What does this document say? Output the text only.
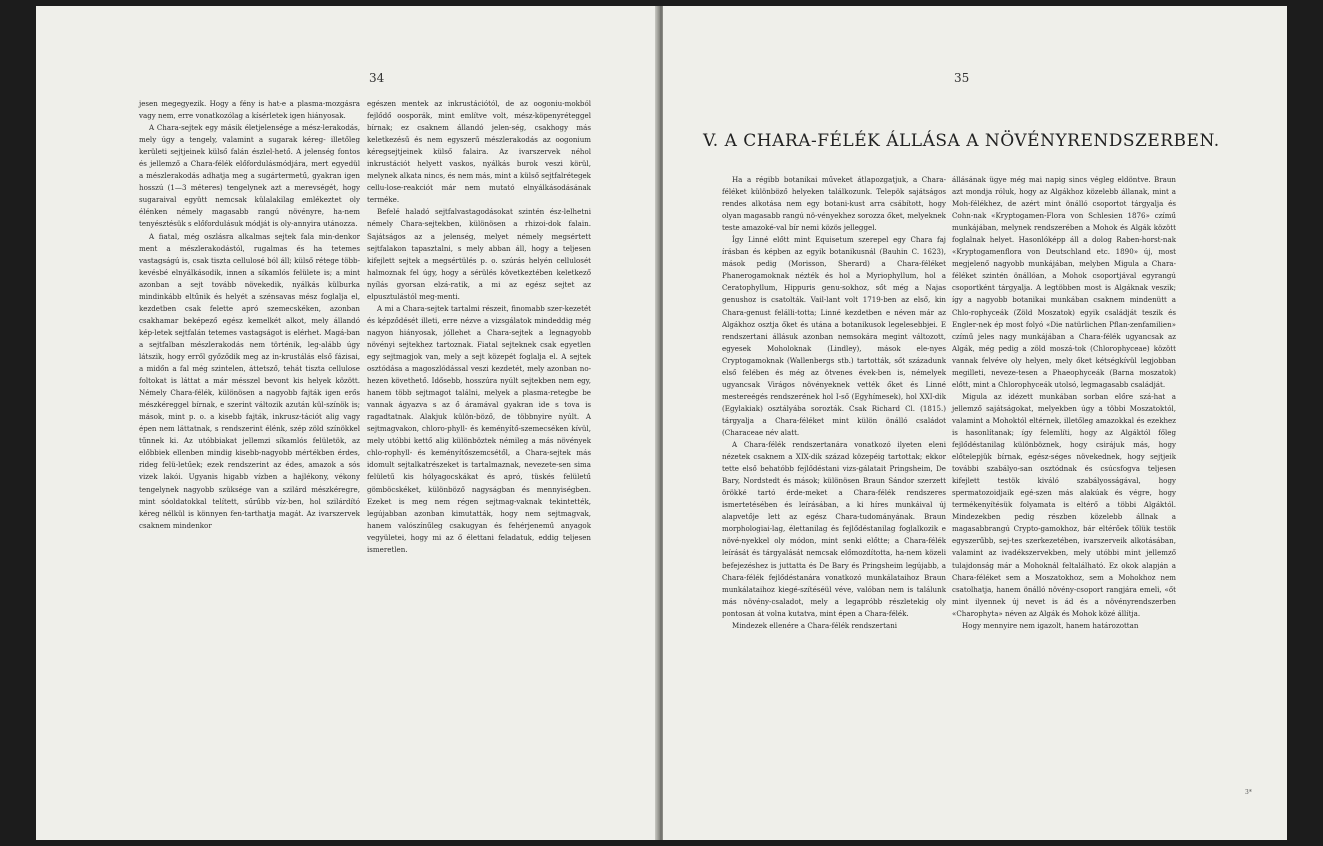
34

jesen megegyezik. Hogy a fény is hat-e a plasma-mozgásra vagy nem, erre vonatkozólag a kísérletek igen hiányosak.

A Chara-sejtek egy másik életjelensége a mész-lerakodás, mely úgy a tengely, valamint a sugarak kéreg- illetőleg kerületi sejtjeinek külső falán észlel-hető. A jelenség fontos és jellemző a Chara-félék előfordulásmódjára, mert egyedül a mészlerakodás adhatja meg a sugártermetű, gyakran igen hosszú (1—3 méteres) tengelynek azt a merevségét, hogy sugaraival együtt nemcsak külalakilag emlékeztet oly élénken némely magasabb rangú növényre, ha-nem tenyésztésük s előfordulásuk módját is oly-annyira utánozza.

A fiatal, még oszlásra alkalmas sejtek fala min-denkor ment a mészlerakodástól, rugalmas és ha tetemes vastagságú is, csak tiszta cellulosé ból áll; külső rétege több-kevésbé elnyálkásodik, innen a síkamlós felülete is; a mint azonban a sejt tovább növekedik, nyálkás külburka mindinkább eltűnik és helyét a szénsavas mész foglalja el, kezdetben csak felette apró szemecskéken, azonban csakhamar beképező egész kemelkét alkot, mely állandó kép-letek sejtfalán tetemes vastagságot is elérhet. Magá-ban a sejtfalban mészlerakodás nem történik, leg-alább úgy látszik, hogy erről győződik meg az in-krustálás első fázisai, a midőn a fal még szintelen, áttetsző, tehát tiszta cellulose foltokat is láttat a már mésszel bevont kis helyek között. Némely Chara-félék, különösen a nagyobb fajták igen erős mészkéreggel bírnak, e szerint változik azután kül-színök is; mások, mint p. o. a kisebb fajták, inkrusz-tációt alig vagy épen nem láttatnak, s rendszerint élénk, szép zöld színökkel tűnnek ki. Az utóbbiakat jellemzi síkamlós felületök, az előbbiek ellenben mindig kisebb-nagyobb mértékben érdes, rideg felü-letűek; ezek rendszerint az édes, amazok a sós vizek lakói. Ugyanis higabb vízben a hajlékony, vékony tengelynek nagyobb szüksége van a szilárd mészkéregre, mint sóoldatokkal telített, sűrűbb víz-ben, hol szilárdító kéreg nélkül is könnyen fen-tarthatja magát. Az ivarszervek csaknem mindenkor

egészen mentek az inkrustációtól, de az oogoniu-mokból fejlődő oosporák, mint említve volt, mész-köpenyréteggel bírnak; ez csaknem állandó jelen-ség, csakhogy más keletkezésű és nem egyszerű mészlerakodás az oogonium kéregsejtjeinek külső falaira. Az ivarszervek néhol inkrustációt helyett vaskos, nyálkás burok veszi körül, melynek alkata nincs, és nem más, mint a külső sejtfalrétegek cellu-lose-reakciót már nem mutató elnyálkásodásának terméke.

Befelé haladó sejtfalvastagodásokat szintén ész-lelhetni némely Chara-sejtekben, különösen a rhizoi-dok falain. Sajátságos az a jelenség, melyet némely megsértett sejtfalakon tapasztalni, s mely abban áll, hogy a teljesen kifejlett sejtek a megsértülés p. o. szúrás helyén cellulosét halmoznak fel úgy, hogy a sérülés következtében keletkező nyílás gyorsan elzá-ratik, a mi az egész sejtet az elpusztulástól meg-menti.

A mi a Chara-sejtek tartalmi részeit, finomabb szer-kezetét és képződését illeti, erre nézve a vizsgálatok mindeddig még nagyon hiányosak, jóllehet a Chara-sejtek a legnagyobb növényi sejtekhez tartoznak. Fiatal sejteknek csak egyetlen egy sejtmagjok van, mely a sejt közepét foglalja el. A sejtek osztódása a magoszlódással veszi kezdetét, mely azonban no-hezen követhető. Idősebb, hosszúra nyúlt sejtekben nem egy, hanem több sejtmagot találni, melyek a plasma-retegbe be vannak ágyazva s az ő áramával gyakran ide s tova is ragadtatnak. Alakjuk külön-böző, de többnyire nyúlt. A sejtmagvakon, chloro-phyll- és keményítő-szemecséken kívül, mely utóbbi kettő alig különböztek némileg a más növények chlo-rophyll- és keményítőszemcsétől, a Chara-sejtek más idomult sejtalkatrészeket is tartalmaznak, nevezete-sen sima felületű kis hólyagocskákat és apró, tüskés felületű gömböcskéket, különböző nagyságban és mennyiségben. Ezeket is meg nem régen sejtmag-vaknak tekintették, legújabban azonban kimutatták, hogy nem sejtmagvak, hanem valószínűleg csakugyan és fehérjenemű anyagok vegyületei, hogy mi az ő élettani feladatuk, eddig teljesen ismeretlen.

35
V. A CHARA-FÉLÉK ÁLLÁSA A NÖVÉNYRENDSZERBEN.

Ha a régibb botanikai műveket átlapozgatjuk, a Chara-féléket különböző helyeken találkozunk. Telepök sajátságos rendes alkotása nem egy botani-kust arra csábított, hogy olyan magasabb rangú nö-vényekhez sorozza őket, melyeknek teste amazoké-val bír nemi közös jelleggel.

Így Linné előtt mint Equisetum szerepel egy Chara faj írásban és képben az egyik botanikusnál (Bauhin C. 1623), mások pedig (Morisson, Sherard) a Chara-féléket Phanerogamoknak nézték és hol a Myriophyllum, hol a Ceratophyllum, Hippuris genu-sokhoz, sőt még a Najas genushoz is csatolták. Vail-lant volt 1719-ben az első, kin Chara-genust felálli-totta; Linné kezdetben e néven már az Algákhoz osztja őket és utána a botanikusok legelesebbjei. E rendszertani állásuk azonban nemsokára megint változott, egyesek Moholoknak (Lindley), mások ele-nyes Cryptogamoknak (Wallenbergs stb.) tartották, sőt századunk első felében és még az ötvenes évek-ben is, némelyek ugyancsak Virágos növényeknek vették őket és Linné mestereégés rendszerének hol I-ső (Egyhímesek), hol XXI-dik (Egylakiak) osztályába sorozták. Csak Richard Cl. (1815.) tárgyalja a Chara-féléket mint külön önálló családot (Characeae név alatt.

A Chara-félék rendszertanára vonatkozó ilyeten eleni nézetek csaknem a XIX-dik század közepéig tartottak; ekkor tette első behatóbb fejlődéstani vizs-gálatait Pringsheim, De Bary, Nordstedt és mások; különösen Braun Sándor szerzett örökké tartó érde-meket a Chara-félék rendszeres ismertetésében és leírásában, a ki híres munkáival új alapvetője lett az egész Chara-tudományának. Braun morphologiai-lag, élettanilag és fejlődéstanilag foglalkozik e növé-nyekkel oly módon, mint senki előtte; a Chara-félék leírását és tárgyalását nemcsak előmozdította, ha-nem közeli befejezéshez is juttatta és De Bary és Pringsheim legújabb, a Chara-félék fejlődéstanára vonatkozó munkálataihoz Braun munkálataihoz kiegé-szítéséül véve, valóban nem is találunk más növény-csaladot, mely a legapróbb részletekig oly pontosan át volna kutatva, mint épen a Chara-félék.

Mindezek ellenére a Chara-félék rendszertani

állásának ügye még mai napig sincs végleg eldöntve. Braun azt mondja róluk, hogy az Algákhoz közelebb állanak, mint a Moh-félékhez, de azért mint önálló csoportot tárgyalja és Cohn-nak «Kryptogamen-Flora von Schlesien 1876» czímű munkájában, melynek rendszerében a Mohok és Algák között foglalnak helyet. Hasonlóképp áll a dolog Raben-horst-nak «Kryptogamenflora von Deutschland etc. 1890» új, most megjelenő nagyobb munkájában, melyben Migula a Chara-féléket szintén önállóan, a Mohok csoportjával egyrangú csoportként tárgyalja. A legtöbben most is Algáknak veszik; így a nagyobb botanikai munkában csaknem mindenütt a Chlo-rophyceák (Zöld Moszatok) egyik családját teszik és Engler-nek ép most folyó «Die natürlichen Pflan-zenfamilien» czímű jeles nagy munkájában a Chara-félék ugyancsak az Algák, még pedig a zöld moszá-tok (Chlorophyceae) között vannak felvéve oly helyen, mely őket kétségkívül legjobban megilleti, neveze-tesen a Phaeophyceák (Barna moszatok) előtt, mint a Chlorophyceák utolsó, legmagasabb családját.

Migula az idézett munkában sorban előre szá-hat a jellemző sajátságokat, melyekben úgy a többi Moszatoktól, valamint a Mohoktól eltérnek, illetőleg amazokkal és ezekhez is hasonlítanak; így felemlíti, hogy az Algáktól főleg fejlődéstanilag különböznek, hogy csirájuk más, hogy előtelepjük bírnak, egész-séges növekednek, hogy sejtjeik további szabályo-san osztódnak és csúcsfogva teljesen kifejlett testök kiváló szabályosságával, hogy spermatozoidjaik egé-szen más alakúak és végre, hogy termékenyítésük folyamata is eltérő a többi Algáktól. Mindezekben pedig részben közelebb állnak a magasabbrangú Crypto-gamokhoz, bár eltérőek tőlük testök egyszerűbb, sej-tes szerkezetében, ivarszerveik alkotásában, valamint az ivadékszervekben, mely utóbbi mint jellemző tulajdonság már a Mohoknál feltalálható. Ez okok alapján a Chara-féléket sem a Moszatokhoz, sem a Mohokhoz nem csatolhatja, hanem önálló növény-csoport rangjára emeli, «őt mint ilyennek új nevet is ád és a növényrendszerben «Charophyta» néven az Algák és Mohok közé állítja.

Hogy mennyire nem igazolt, hanem határozottan

3*
